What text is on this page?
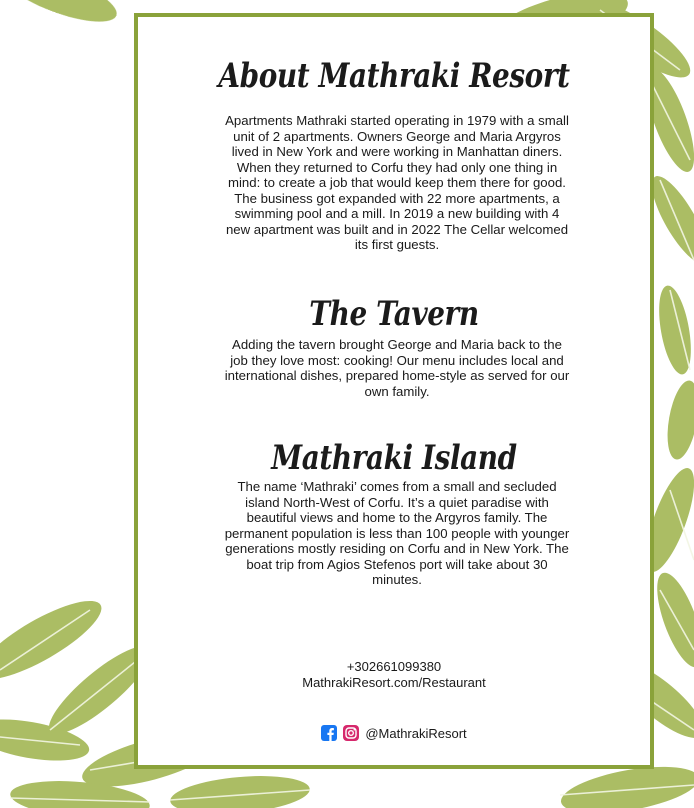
About Mathraki Resort

Apartments Mathraki started operating in 1979 with a small unit of 2 apartments. Owners George and Maria Argyros lived in New York and were working in Manhattan diners. When they returned to Corfu they had only one thing in mind: to create a job that would keep them there for good. The business got expanded with 22 more apartments, a swimming pool and a mill. In 2019 a new building with 4 new apartment was built and in 2022 The Cellar welcomed its first guests.

The Tavern

Adding the tavern brought George and Maria back to the job they love most: cooking! Our menu includes local and international dishes, prepared home-style as served for our own family.

Mathraki Island

The name ‘Mathraki’ comes from a small and secluded island North-West of Corfu. It’s a quiet paradise with beautiful views and home to the Argyros family. The permanent population is less than 100 people with younger generations mostly residing on Corfu and in New York. The boat trip from Agios Stefenos port will take about 30 minutes.

+302661099380
MathrakiResort.com/Restaurant
@MathrakiResort
